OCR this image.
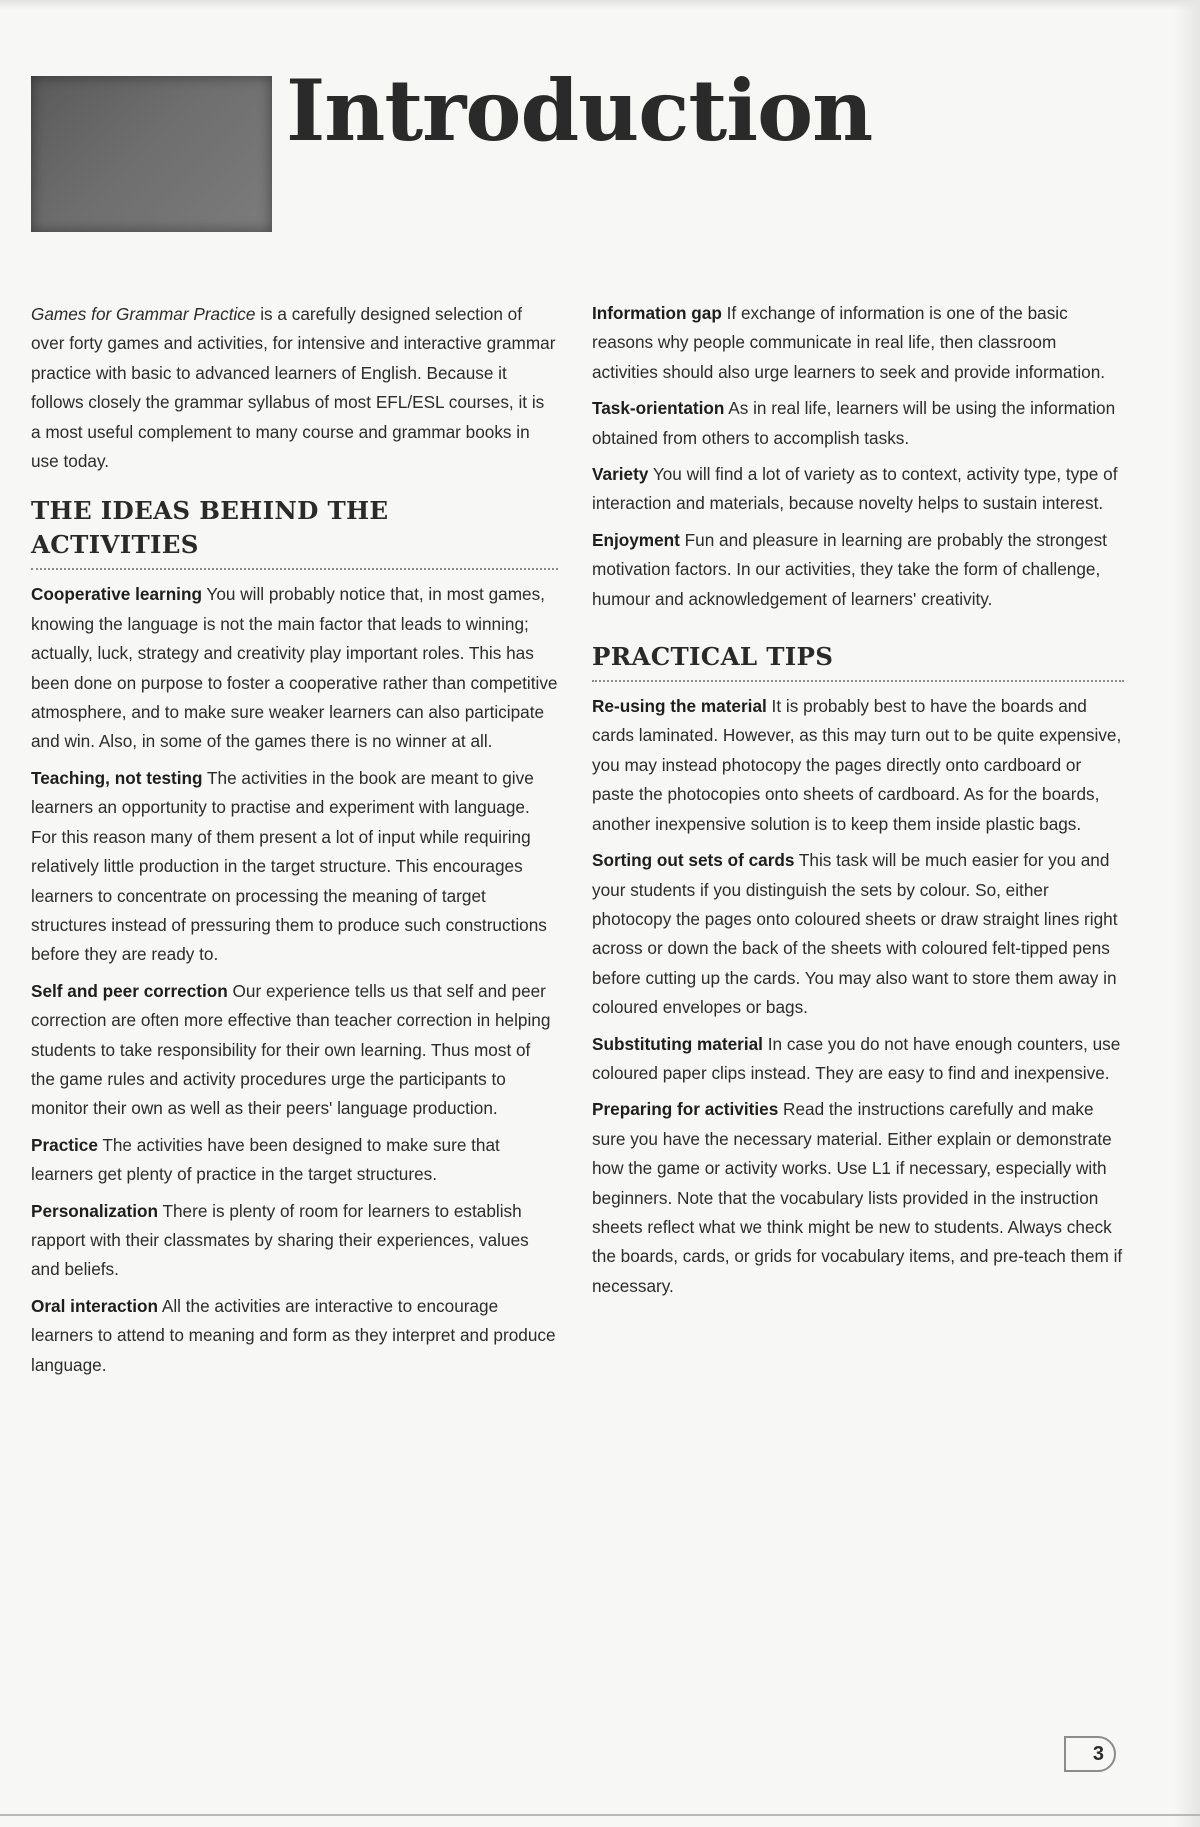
Introduction

Games for Grammar Practice is a carefully designed selection of over forty games and activities, for intensive and interactive grammar practice with basic to advanced learners of English. Because it follows closely the grammar syllabus of most EFL/ESL courses, it is a most useful complement to many course and grammar books in use today.

THE IDEAS BEHIND THE ACTIVITIES

Cooperative learning You will probably notice that, in most games, knowing the language is not the main factor that leads to winning; actually, luck, strategy and creativity play important roles. This has been done on purpose to foster a cooperative rather than competitive atmosphere, and to make sure weaker learners can also participate and win. Also, in some of the games there is no winner at all.

Teaching, not testing The activities in the book are meant to give learners an opportunity to practise and experiment with language. For this reason many of them present a lot of input while requiring relatively little production in the target structure. This encourages learners to concentrate on processing the meaning of target structures instead of pressuring them to produce such constructions before they are ready to.

Self and peer correction Our experience tells us that self and peer correction are often more effective than teacher correction in helping students to take responsibility for their own learning. Thus most of the game rules and activity procedures urge the participants to monitor their own as well as their peers' language production.

Practice The activities have been designed to make sure that learners get plenty of practice in the target structures.

Personalization There is plenty of room for learners to establish rapport with their classmates by sharing their experiences, values and beliefs.

Oral interaction All the activities are interactive to encourage learners to attend to meaning and form as they interpret and produce language.

Information gap If exchange of information is one of the basic reasons why people communicate in real life, then classroom activities should also urge learners to seek and provide information.

Task-orientation As in real life, learners will be using the information obtained from others to accomplish tasks.

Variety You will find a lot of variety as to context, activity type, type of interaction and materials, because novelty helps to sustain interest.

Enjoyment Fun and pleasure in learning are probably the strongest motivation factors. In our activities, they take the form of challenge, humour and acknowledgement of learners' creativity.

PRACTICAL TIPS

Re-using the material It is probably best to have the boards and cards laminated. However, as this may turn out to be quite expensive, you may instead photocopy the pages directly onto cardboard or paste the photocopies onto sheets of cardboard. As for the boards, another inexpensive solution is to keep them inside plastic bags.

Sorting out sets of cards This task will be much easier for you and your students if you distinguish the sets by colour. So, either photocopy the pages onto coloured sheets or draw straight lines right across or down the back of the sheets with coloured felt-tipped pens before cutting up the cards. You may also want to store them away in coloured envelopes or bags.

Substituting material In case you do not have enough counters, use coloured paper clips instead. They are easy to find and inexpensive.

Preparing for activities Read the instructions carefully and make sure you have the necessary material. Either explain or demonstrate how the game or activity works. Use L1 if necessary, especially with beginners. Note that the vocabulary lists provided in the instruction sheets reflect what we think might be new to students. Always check the boards, cards, or grids for vocabulary items, and pre-teach them if necessary.

3
